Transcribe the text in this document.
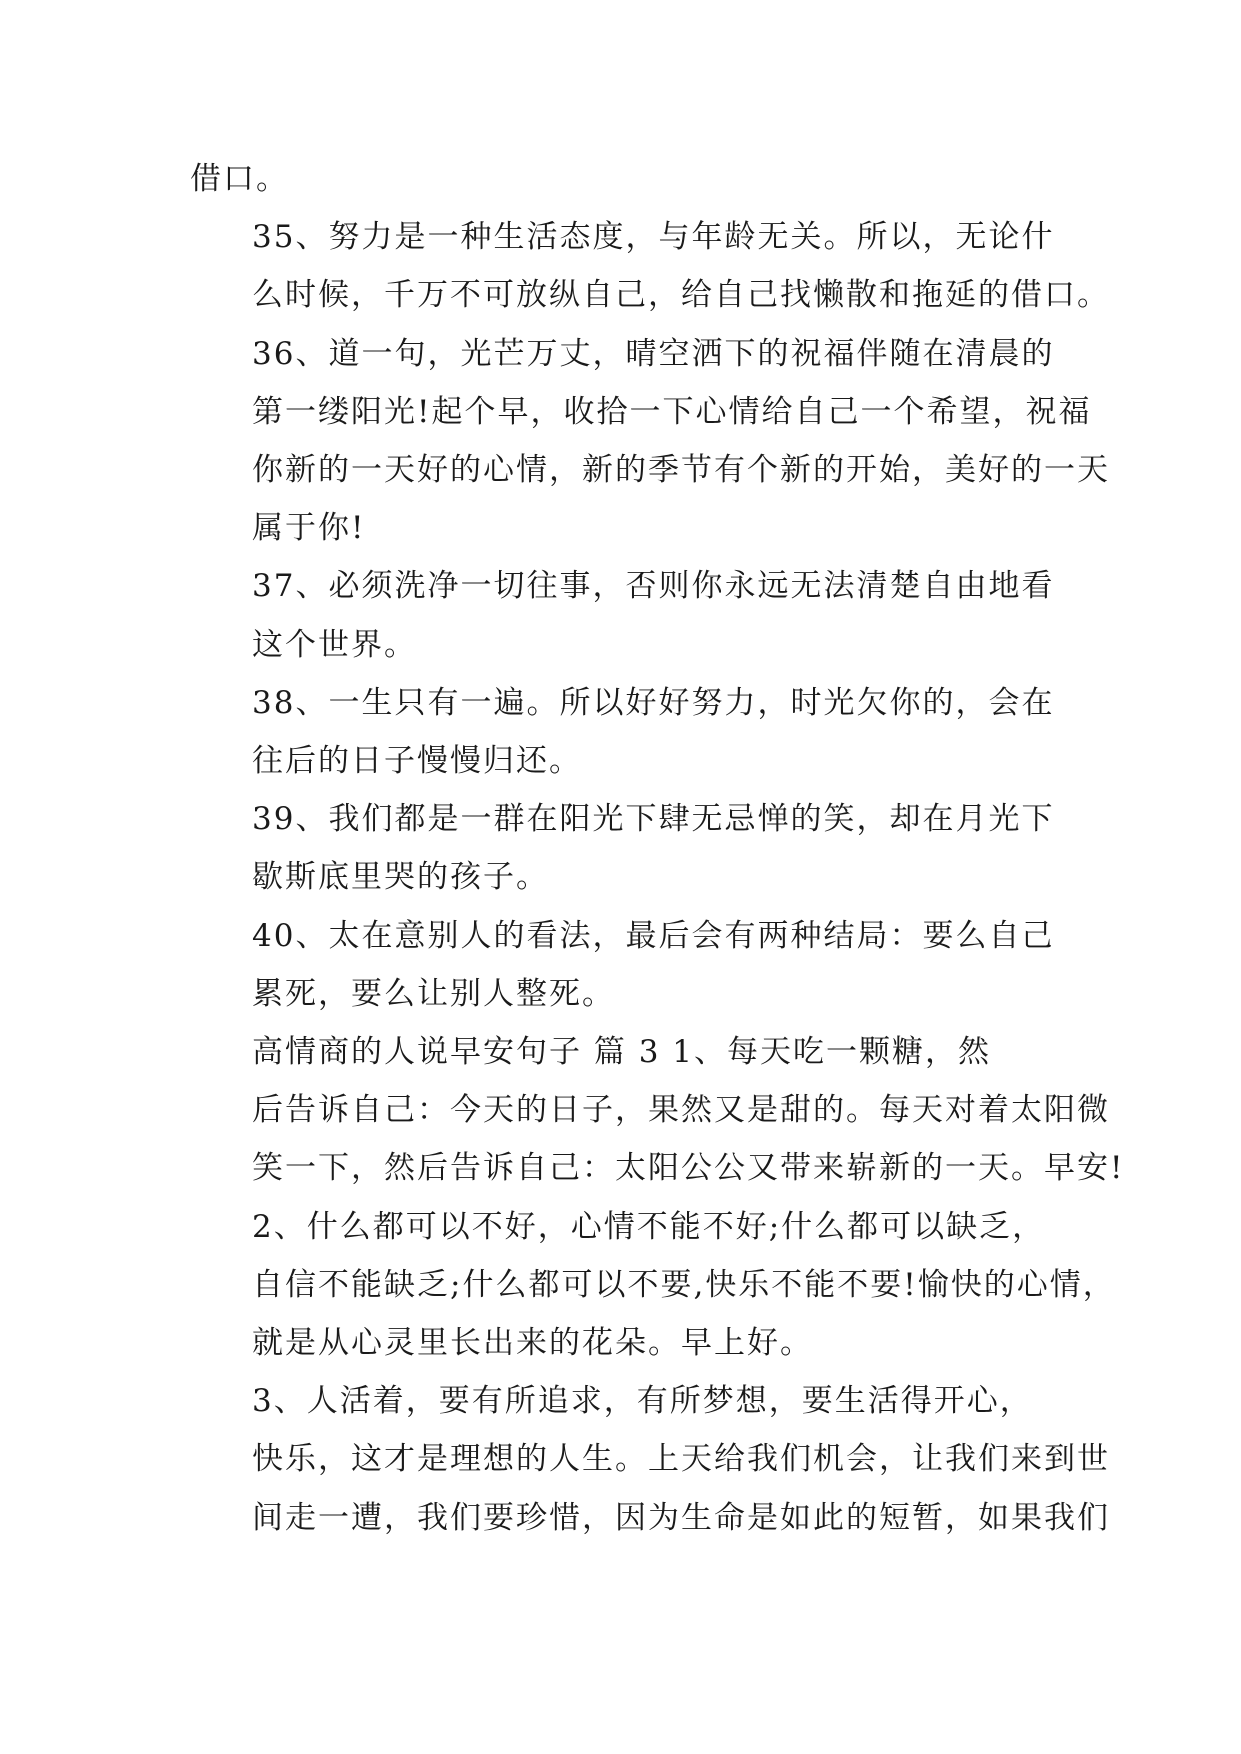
借口。
35、努力是一种生活态度，与年龄无关。所以，无论什
么时候，千万不可放纵自己，给自己找懒散和拖延的借口。
36、道一句，光芒万丈，晴空洒下的祝福伴随在清晨的
第一缕阳光!起个早，收拾一下心情给自己一个希望，祝福
你新的一天好的心情，新的季节有个新的开始，美好的一天
属于你!
37、必须洗净一切往事，否则你永远无法清楚自由地看
这个世界。
38、一生只有一遍。所以好好努力，时光欠你的，会在
往后的日子慢慢归还。
39、我们都是一群在阳光下肆无忌惮的笑，却在月光下
歇斯底里哭的孩子。
40、太在意别人的看法，最后会有两种结局：要么自己
累死，要么让别人整死。
高情商的人说早安句子 篇 3 1、每天吃一颗糖，然
后告诉自己：今天的日子，果然又是甜的。每天对着太阳微
笑一下，然后告诉自己：太阳公公又带来崭新的一天。早安!
2、什么都可以不好，心情不能不好;什么都可以缺乏，
自信不能缺乏;什么都可以不要,快乐不能不要!愉快的心情，
就是从心灵里长出来的花朵。早上好。
3、人活着，要有所追求，有所梦想，要生活得开心，
快乐，这才是理想的人生。上天给我们机会，让我们来到世
间走一遭，我们要珍惜，因为生命是如此的短暂，如果我们
